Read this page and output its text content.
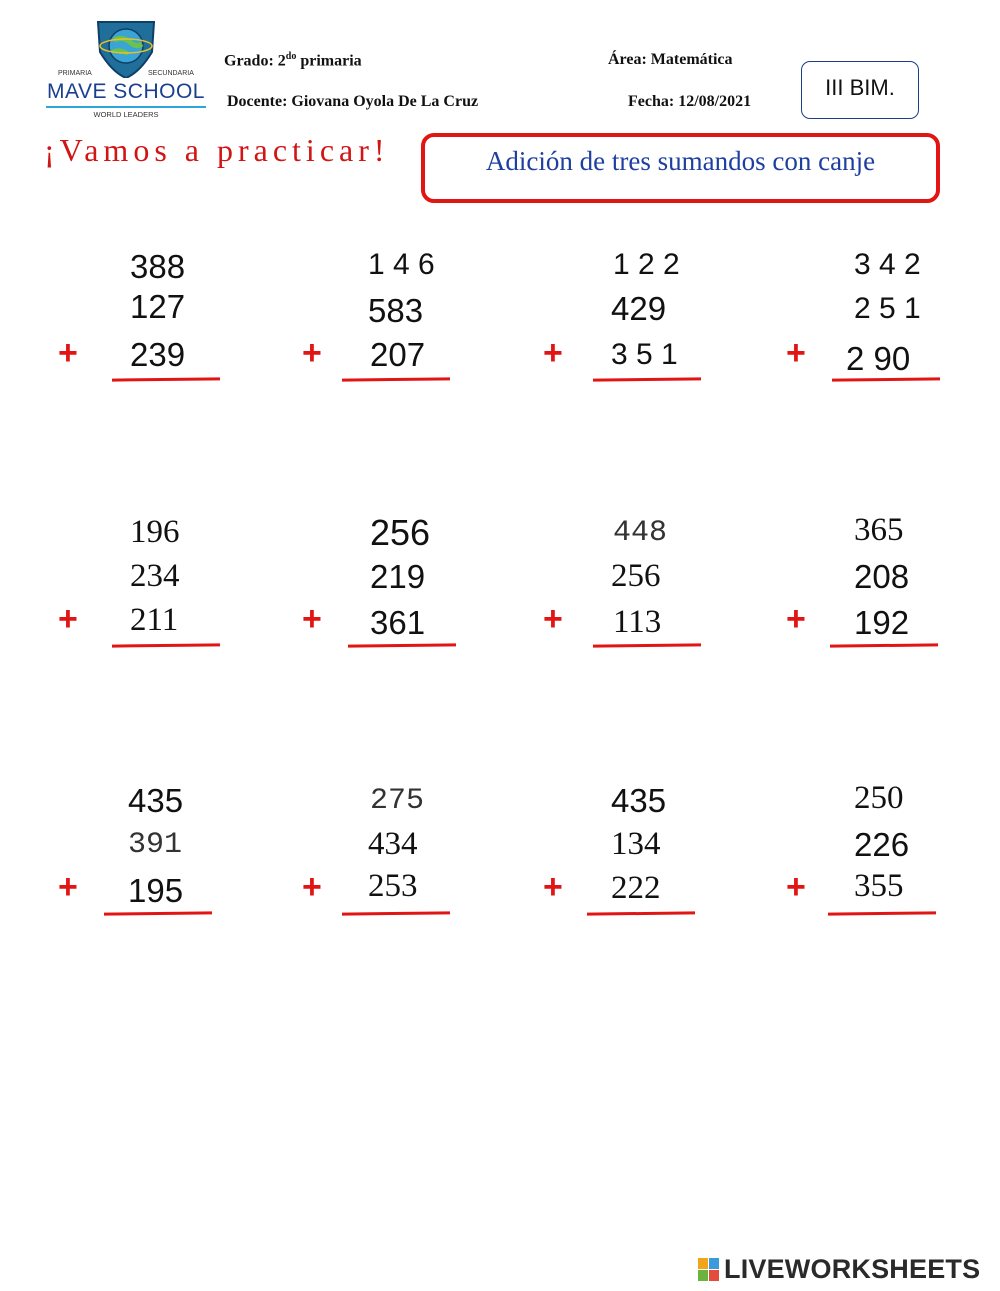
PRIMARIA	SECUNDARIA
MAVE SCHOOL
WORLD LEADERS
Grado: $2^{do}$ primaria	Área: Matemática
Docente: Giovana Oyola De La Cruz	Fecha: 12/08/2021
III BIM.
¡Vamos a practicar!	Adición de tres sumandos con canje
388
127
+ 239
1 4 6
583
+ 207
1 2 2
429
+ 3 5 1
3 4 2
2 5 1
+ 2 90
196
234
+ 211
256
219
+ 361
448
256
+ 113
365
208
+ 192
435
391
+ 195
275
434
+ 253
435
134
+ 222
250
226
+ 355
LIVEWORKSHEETS
